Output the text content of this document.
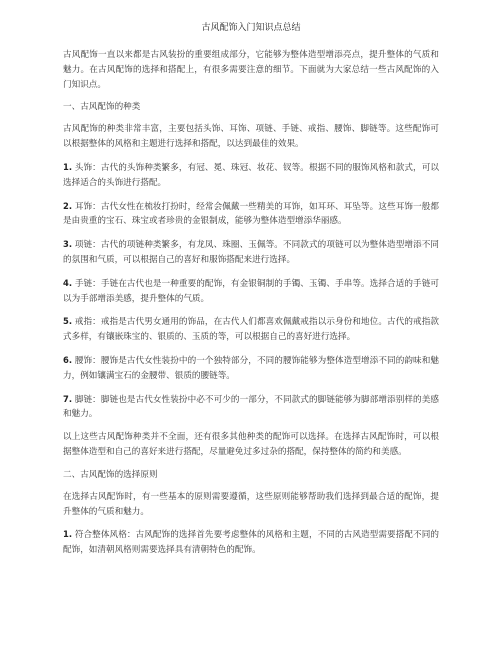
古风配饰入门知识点总结

古风配饰一直以来都是古风装扮的重要组成部分，它能够为整体造型增添亮点，提升整体的气质和魅力。在古风配饰的选择和搭配上，有很多需要注意的细节。下面就为大家总结一些古风配饰的入门知识点。

一、古风配饰的种类

古风配饰的种类非常丰富，主要包括头饰、耳饰、项链、手链、戒指、腰饰、脚链等。这些配饰可以根据整体的风格和主题进行选择和搭配，以达到最佳的效果。

1. 头饰：古代的头饰种类繁多，有冠、冕、珠冠、妆花、钗等。根据不同的服饰风格和款式，可以选择适合的头饰进行搭配。

2. 耳饰：古代女性在梳妆打扮时，经常会佩戴一些精美的耳饰，如耳环、耳坠等。这些耳饰一般都是由贵重的宝石、珠宝或者珍贵的金银制成，能够为整体造型增添华丽感。

3. 项链：古代的项链种类繁多，有龙凤、珠圈、玉佩等。不同款式的项链可以为整体造型增添不同的氛围和气质，可以根据自己的喜好和服饰搭配来进行选择。

4. 手链：手链在古代也是一种重要的配饰，有金银铜制的手镯、玉镯、手串等。选择合适的手链可以为手部增添美感，提升整体的气质。

5. 戒指：戒指是古代男女通用的饰品，在古代人们都喜欢佩戴戒指以示身份和地位。古代的戒指款式多样，有镶嵌珠宝的、银质的、玉质的等，可以根据自己的喜好进行选择。

6. 腰饰：腰饰是古代女性装扮中的一个独特部分，不同的腰饰能够为整体造型增添不同的韵味和魅力，例如镶满宝石的金腰带、银质的腰链等。

7. 脚链：脚链也是古代女性装扮中必不可少的一部分，不同款式的脚链能够为脚部增添别样的美感和魅力。

以上这些古风配饰种类并不全面，还有很多其他种类的配饰可以选择。在选择古风配饰时，可以根据整体造型和自己的喜好来进行搭配，尽量避免过多过杂的搭配，保持整体的简约和美感。

二、古风配饰的选择原则

在选择古风配饰时，有一些基本的原则需要遵循，这些原则能够帮助我们选择到最合适的配饰，提升整体的气质和魅力。

1. 符合整体风格：古风配饰的选择首先要考虑整体的风格和主题，不同的古风造型需要搭配不同的配饰，如清朝风格则需要选择具有清朝特色的配饰。
